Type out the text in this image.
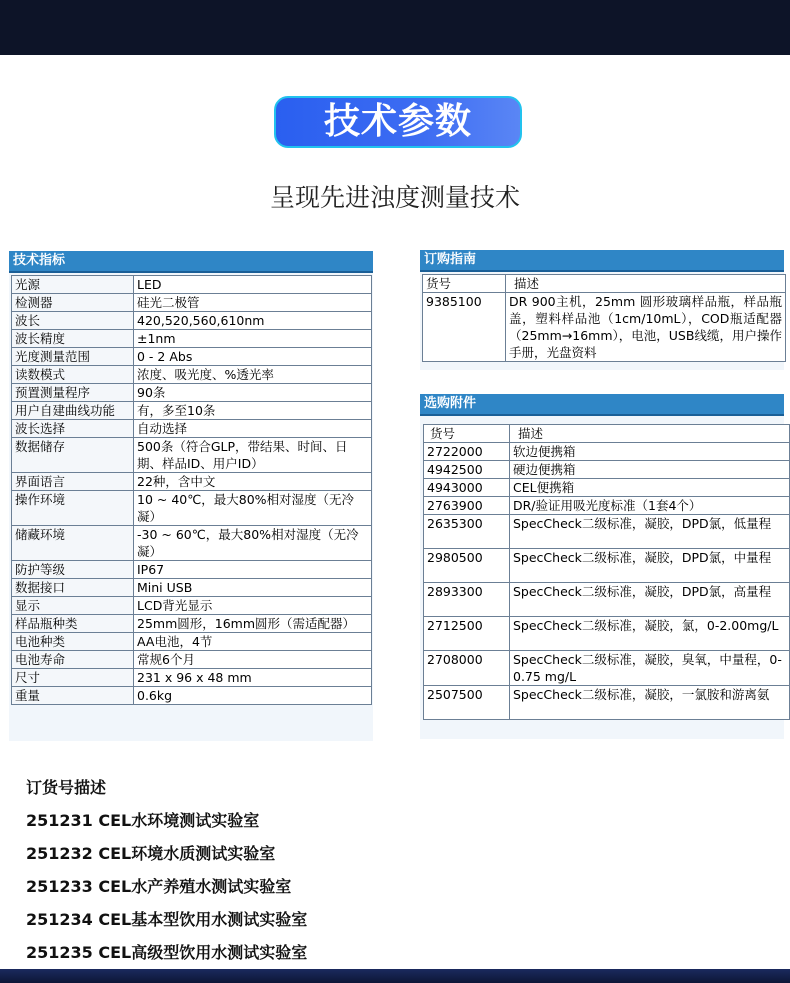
技术参数
呈现先进浊度测量技术
技术指标
光源	LED
检测器	硅光二极管
波长	420,520,560,610nm
波长精度	±1nm
光度测量范围	0 - 2 Abs
读数模式	浓度、吸光度、%透光率
预置测量程序	90条
用户自建曲线功能	有，多至10条
波长选择	自动选择
数据储存	500条（符合GLP，带结果、时间、日期、样品ID、用户ID）
界面语言	22种，含中文
操作环境	10 ~ 40℃，最大80%相对湿度（无冷凝）
储藏环境	-30 ~ 60℃，最大80%相对湿度（无冷凝）
防护等级	IP67
数据接口	Mini USB
显示	LCD背光显示
样品瓶种类	25mm圆形，16mm圆形（需适配器）
电池种类	AA电池，4节
电池寿命	常规6个月
尺寸	231 x 96 x 48 mm
重量	0.6kg
订购指南
货号	描述
9385100	DR 900主机，25mm 圆形玻璃样品瓶，样品瓶盖，塑料样品池（1cm/10mL），COD瓶适配器（25mm→16mm），电池，USB线缆，用户操作手册，光盘资料
选购附件
货号	描述
2722000	软边便携箱
4942500	硬边便携箱
4943000	CEL便携箱
2763900	DR/验证用吸光度标准（1套4个）
2635300	SpecCheck二级标准，凝胶，DPD氯，低量程
2980500	SpecCheck二级标准，凝胶，DPD氯，中量程
2893300	SpecCheck二级标准，凝胶，DPD氯，高量程
2712500	SpecCheck二级标准，凝胶，氯，0-2.00mg/L
2708000	SpecCheck二级标准，凝胶，臭氧，中量程，0-0.75 mg/L
2507500	SpecCheck二级标准，凝胶，一氯胺和游离氨
订货号描述
251231 CEL水环境测试实验室
251232 CEL环境水质测试实验室
251233 CEL水产养殖水测试实验室
251234 CEL基本型饮用水测试实验室
251235 CEL高级型饮用水测试实验室
